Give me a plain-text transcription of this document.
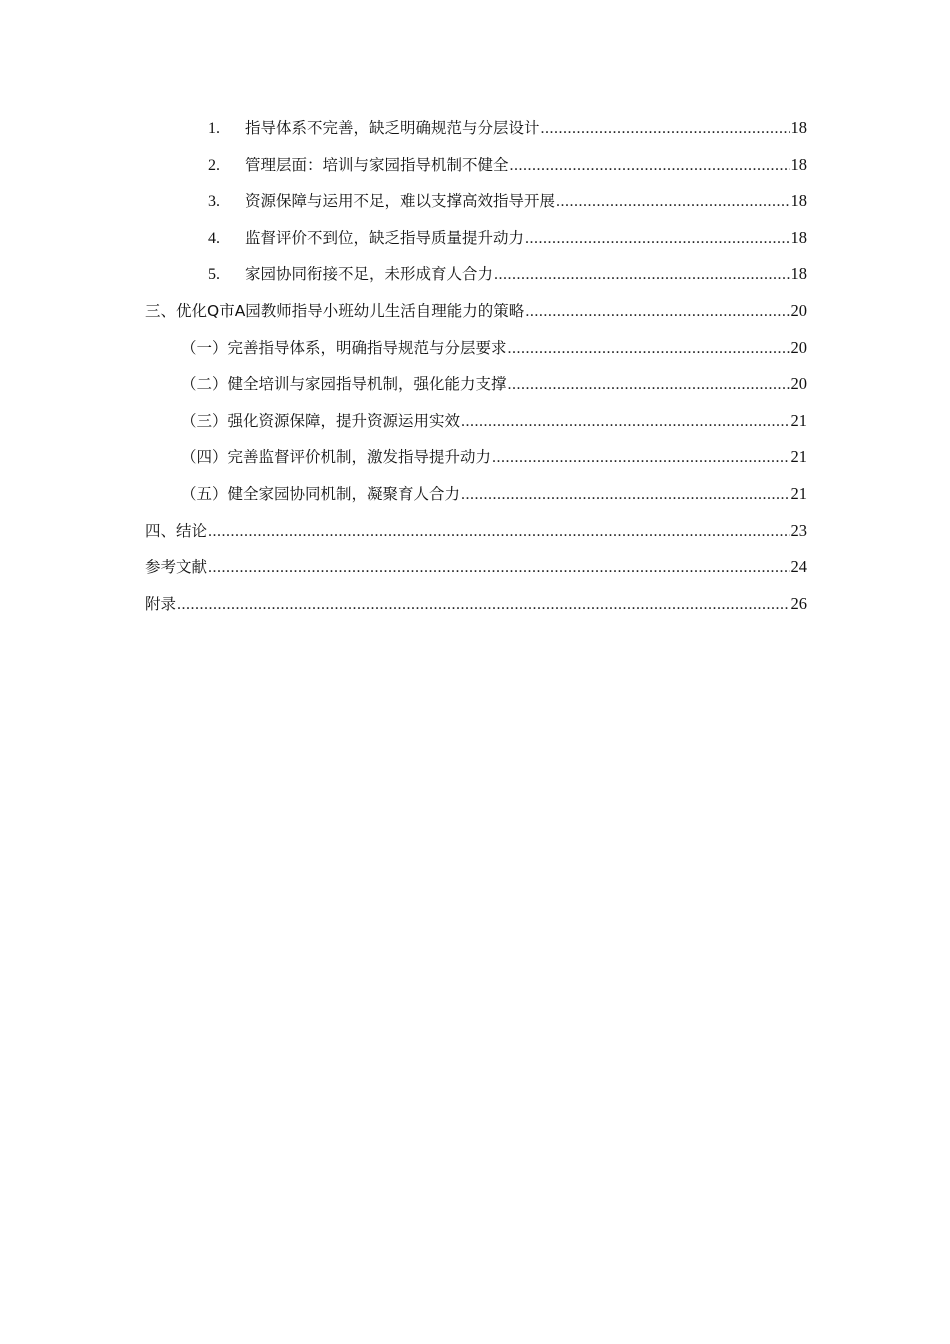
1.	指导体系不完善，缺乏明确规范与分层设计 .....	18
2.	管理层面：培训与家园指导机制不健全 .....	18
3.	资源保障与运用不足，难以支撑高效指导开展 .....	18
4.	监督评价不到位，缺乏指导质量提升动力 .....	18
5.	家园协同衔接不足，未形成育人合力 .....	18
三、优化Q市A园教师指导小班幼儿生活自理能力的策略 .....	20
（一）完善指导体系，明确指导规范与分层要求 .....	20
（二）健全培训与家园指导机制，强化能力支撑 .....	20
（三）强化资源保障，提升资源运用实效 .....	21
（四）完善监督评价机制，激发指导提升动力 .....	21
（五）健全家园协同机制，凝聚育人合力 .....	21
四、结论 .....	23
参考文献 .....	24
附录 .....	26
